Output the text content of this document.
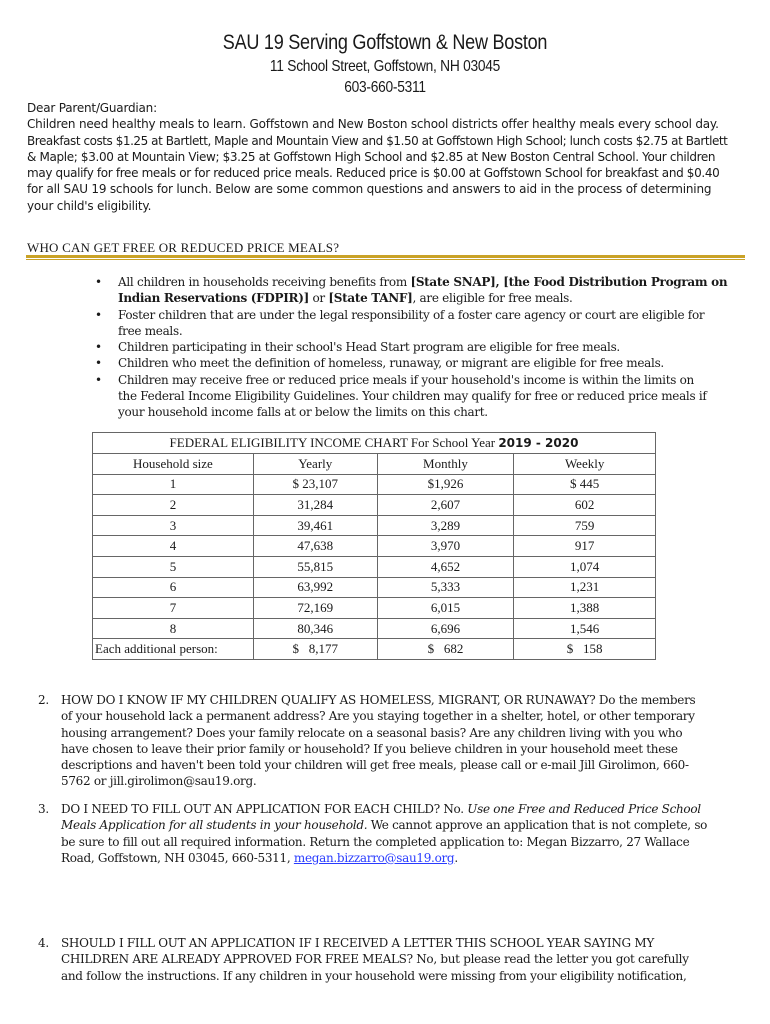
SAU 19 Serving Goffstown & New Boston
11 School Street, Goffstown, NH 03045
603-660-5311

Dear Parent/Guardian:

Children need healthy meals to learn. Goffstown and New Boston school districts offer healthy meals every school day.

Breakfast costs $1.25 at Bartlett, Maple and Mountain View and $1.50 at Goffstown High School; lunch costs $2.75 at Bartlett

& Maple; $3.00 at Mountain View; $3.25 at Goffstown High School and $2.85 at New Boston Central School. Your children

may qualify for free meals or for reduced price meals. Reduced price is $0.00 at Goffstown School for breakfast and $0.40

for all SAU 19 schools for lunch. Below are some common questions and answers to aid in the process of determining

your child's eligibility.

WHO CAN GET FREE OR REDUCED PRICE MEALS?
• All children in households receiving benefits from [State SNAP], [the Food Distribution Program on
Indian Reservations (FDPIR)] or [State TANF], are eligible for free meals.
• Foster children that are under the legal responsibility of a foster care agency or court are eligible for
free meals.
• Children participating in their school's Head Start program are eligible for free meals.
• Children who meet the definition of homeless, runaway, or migrant are eligible for free meals.
• Children may receive free or reduced price meals if your household's income is within the limits on
the Federal Income Eligibility Guidelines. Your children may qualify for free or reduced price meals if
your household income falls at or below the limits on this chart.
FEDERAL ELIGIBILITY INCOME CHART For School Year 2019 - 2020			
Household size	Yearly	Monthly	Weekly
1	$ 23,107	$1,926	$ 445
2	31,284	2,607	602
3	39,461	3,289	759
4	47,638	3,970	917
5	55,815	4,652	1,074
6	63,992	5,333	1,231
7	72,169	6,015	1,388
8	80,346	6,696	1,546
Each additional person:	$   8,177	$   682	$   158
2. HOW DO I KNOW IF MY CHILDREN QUALIFY AS HOMELESS, MIGRANT, OR RUNAWAY? Do the members

of your household lack a permanent address? Are you staying together in a shelter, hotel, or other temporary

housing arrangement? Does your family relocate on a seasonal basis? Are any children living with you who

have chosen to leave their prior family or household? If you believe children in your household meet these

descriptions and haven't been told your children will get free meals, please call or e-mail Jill Girolimon, 660-

5762 or jill.girolimon@sau19.org.

3. DO I NEED TO FILL OUT AN APPLICATION FOR EACH CHILD? No. Use one Free and Reduced Price School

Meals Application for all students in your household. We cannot approve an application that is not complete, so

be sure to fill out all required information. Return the completed application to: Megan Bizzarro, 27 Wallace

Road, Goffstown, NH 03045, 660-5311, megan.bizzarro@sau19.org.

4. SHOULD I FILL OUT AN APPLICATION IF I RECEIVED A LETTER THIS SCHOOL YEAR SAYING MY

CHILDREN ARE ALREADY APPROVED FOR FREE MEALS? No, but please read the letter you got carefully

and follow the instructions. If any children in your household were missing from your eligibility notification,
